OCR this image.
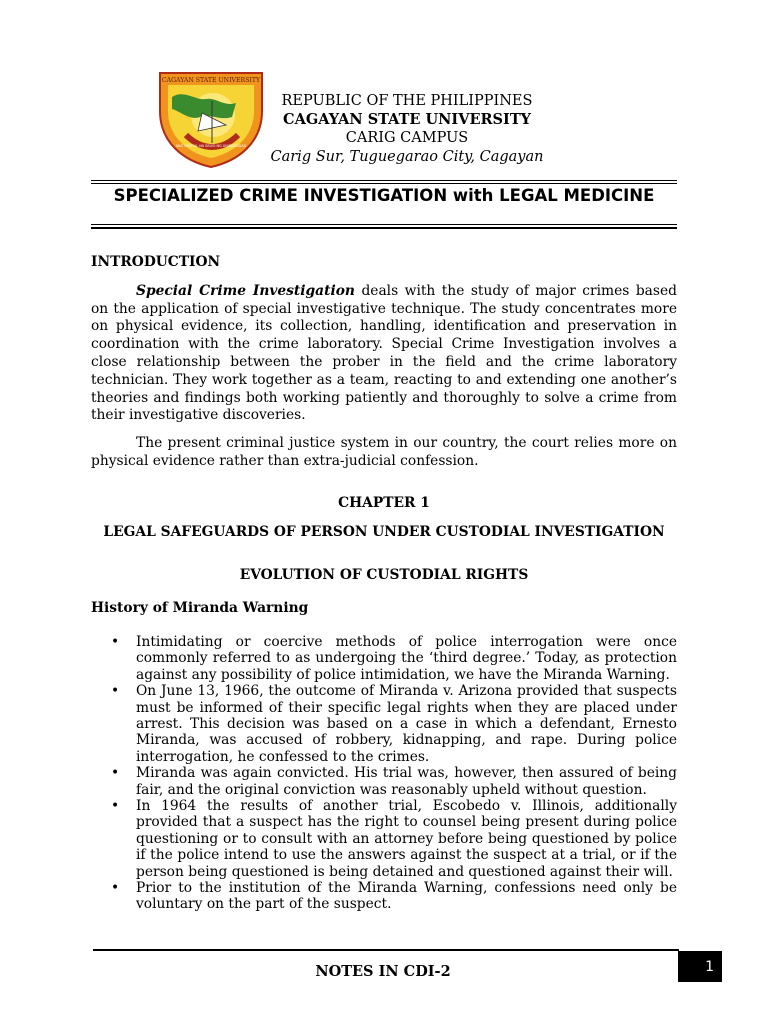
CAGAYAN STATE UNIVERSITY
ANG OPISYAL NA SELYO NG UNIBERSIDAD
REPUBLIC OF THE PHILIPPINES
CAGAYAN STATE UNIVERSITY
CARIG CAMPUS
Carig Sur, Tuguegarao City, Cagayan
SPECIALIZED CRIME INVESTIGATION with LEGAL MEDICINE

INTRODUCTION

Special Crime Investigation deals with the study of major crimes based on the application of special investigative technique. The study concentrates more on physical evidence, its collection, handling, identification and preservation in coordination with the crime laboratory. Special Crime Investigation involves a close relationship between the prober in the field and the crime laboratory technician. They work together as a team, reacting to and extending one another’s theories and findings both working patiently and thoroughly to solve a crime from their investigative discoveries.

The present criminal justice system in our country, the court relies more on physical evidence rather than extra-judicial confession.

CHAPTER 1

LEGAL SAFEGUARDS OF PERSON UNDER CUSTODIAL INVESTIGATION

EVOLUTION OF CUSTODIAL RIGHTS

History of Miranda Warning

• Intimidating or coercive methods of police interrogation were once commonly referred to as undergoing the ‘third degree.’ Today, as protection against any possibility of police intimidation, we have the Miranda Warning.
• On June 13, 1966, the outcome of Miranda v. Arizona provided that suspects must be informed of their specific legal rights when they are placed under arrest. This decision was based on a case in which a defendant, Ernesto Miranda, was accused of robbery, kidnapping, and rape. During police interrogation, he confessed to the crimes.
• Miranda was again convicted. His trial was, however, then assured of being fair, and the original conviction was reasonably upheld without question.
• In 1964 the results of another trial, Escobedo v. Illinois, additionally provided that a suspect has the right to counsel being present during police questioning or to consult with an attorney before being questioned by police if the police intend to use the answers against the suspect at a trial, or if the person being questioned is being detained and questioned against their will.
• Prior to the institution of the Miranda Warning, confessions need only be voluntary on the part of the suspect.
NOTES IN CDI-2	1
